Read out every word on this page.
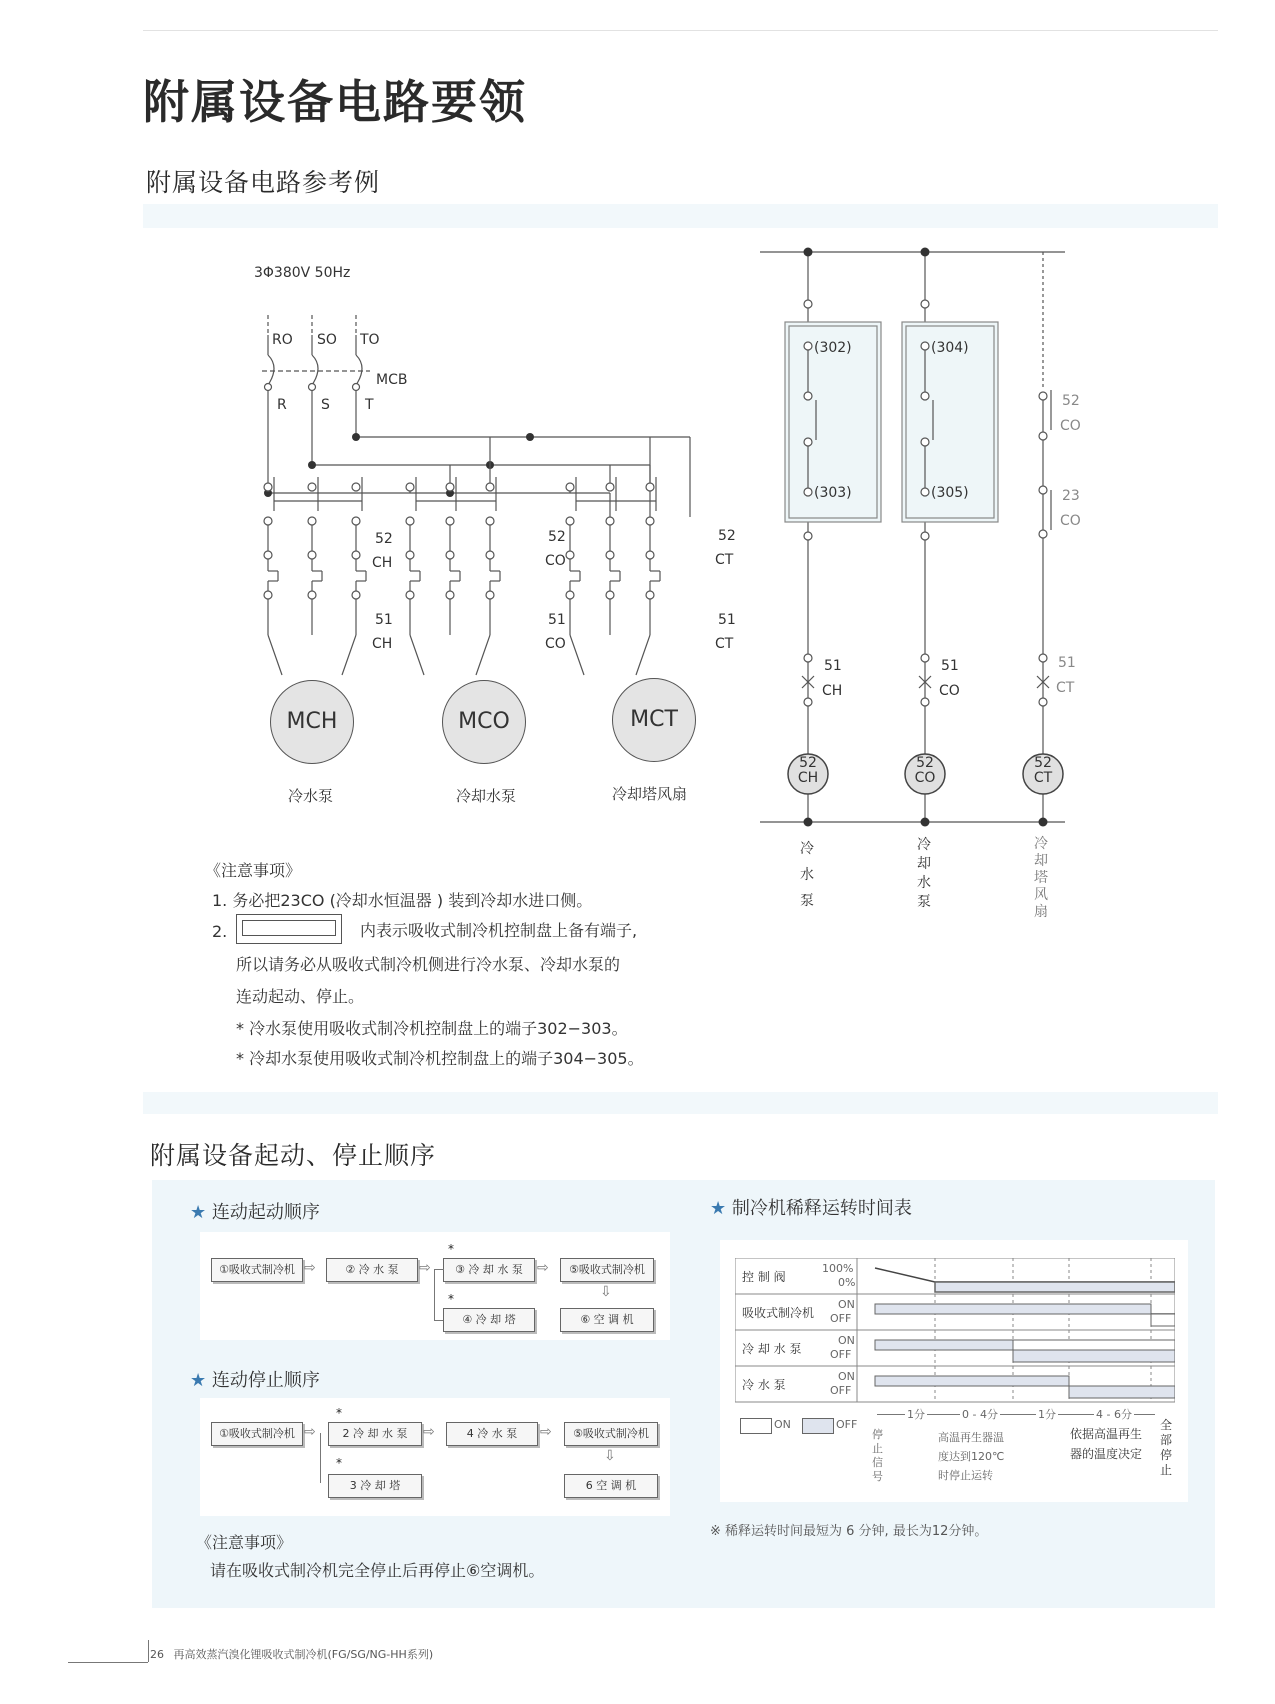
附属设备电路要领
附属设备电路参考例
3Φ380V 50Hz
RO SO TO
MCB
R S	T
52
CH
52
CO
52
CT
51
CH
51
CO
51
CT
MCH	MCO	MCT
冷水泵	冷却水泵	冷却塔风扇
(302)
(303)
(304)
(305)
52
CO
23
CO
51
CH
51
CO
51
CT
52
CH
52
CO
52
CT
冷水泵
冷却水泵
冷却塔风扇
《注意事项》
1. 务必把23CO (冷却水恒温器 ) 装到冷却水进口侧。
2.	内表示吸收式制冷机控制盘上备有端子,
所以请务必从吸收式制冷机侧进行冷水泵、冷却水泵的
连动起动、停止。
* 冷水泵使用吸收式制冷机控制盘上的端子302−303。
* 冷却水泵使用吸收式制冷机控制盘上的端子304−305。
附属设备起动、停止顺序
★ 连动起动顺序
①吸收式制冷机 ⇨	② 冷 水 泵	⇨
*
③ 冷 却 水 泵	⇨	⑤吸收式制冷机
*
④ 冷 却 塔
⇩
⑥ 空 调 机
★ 连动停止顺序
①吸收式制冷机 ⇨
*
2 冷 却 水 泵	⇨	4 冷 水 泵	⇨	⑤吸收式制冷机
*
3 冷 却 塔
⇩
6 空 调 机
《注意事项》
请在吸收式制冷机完全停止后再停止⑥空调机。
★ 制冷机稀释运转时间表
控 制 阀
100%
0%
吸收式制冷机
ON
OFF
冷 却 水 泵
ON
OFF
冷 水 泵
ON
OFF
ON	OFF
1分	0 - 4分	1分	4 - 6分
停止信号
高温再生器温
度达到120℃
时停止运转
依据高温再生
器的温度决定
全部停止
※ 稀释运转时间最短为 6 分钟, 最长为12分钟。
26 再高效蒸汽溴化锂吸收式制冷机(FG/SG/NG-HH系列)
